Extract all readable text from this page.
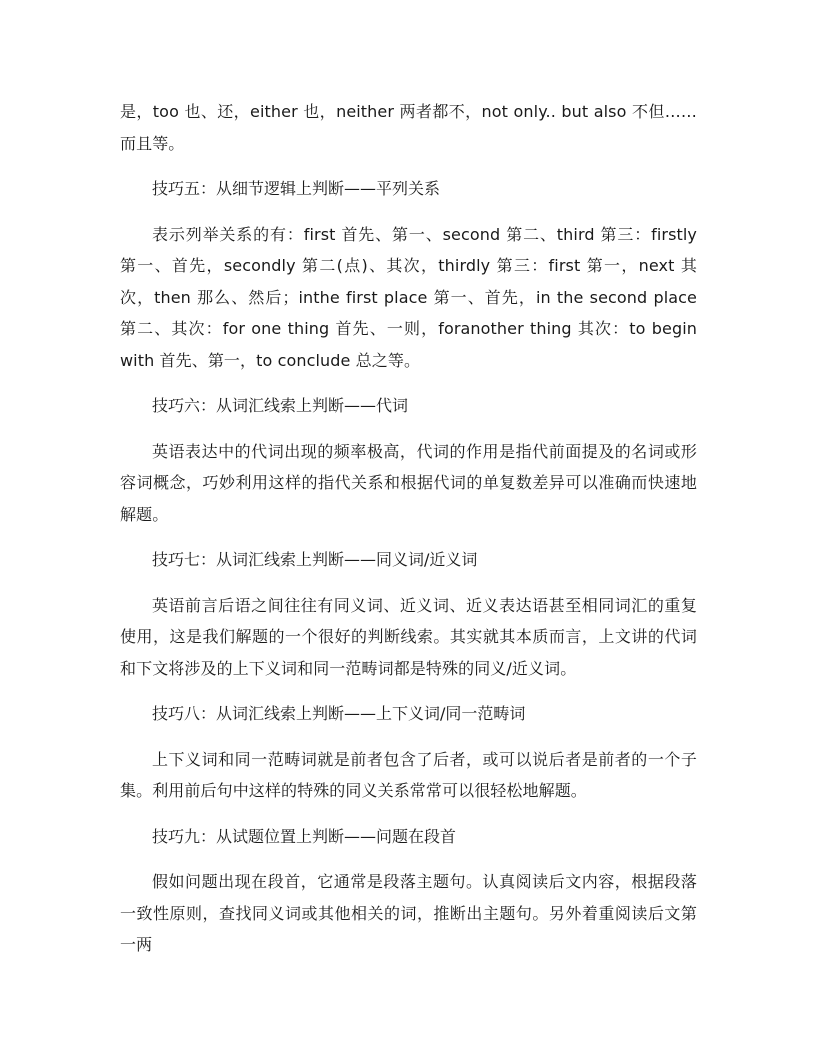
是，too 也、还，either 也，neither 两者都不，not only.. but also 不但……而且等。

技巧五：从细节逻辑上判断——平列关系

表示列举关系的有：first 首先、第一、second 第二、third 第三：firstly 第一、首先，secondly 第二(点)、其次，thirdly 第三：first 第一，next 其次，then 那么、然后；inthe first place 第一、首先，in the second place 第二、其次：for one thing 首先、一则，foranother thing 其次：to begin with 首先、第一，to conclude 总之等。

技巧六：从词汇线索上判断——代词

英语表达中的代词出现的频率极高，代词的作用是指代前面提及的名词或形容词概念，巧妙利用这样的指代关系和根据代词的单复数差异可以准确而快速地解题。

技巧七：从词汇线索上判断——同义词/近义词

英语前言后语之间往往有同义词、近义词、近义表达语甚至相同词汇的重复使用，这是我们解题的一个很好的判断线索。其实就其本质而言，上文讲的代词和下文将涉及的上下义词和同一范畴词都是特殊的同义/近义词。

技巧八：从词汇线索上判断——上下义词/同一范畴词

上下义词和同一范畴词就是前者包含了后者，或可以说后者是前者的一个子集。利用前后句中这样的特殊的同义关系常常可以很轻松地解题。

技巧九：从试题位置上判断——问题在段首

假如问题出现在段首，它通常是段落主题句。认真阅读后文内容，根据段落一致性原则，查找同义词或其他相关的词，推断出主题句。另外着重阅读后文第一两
